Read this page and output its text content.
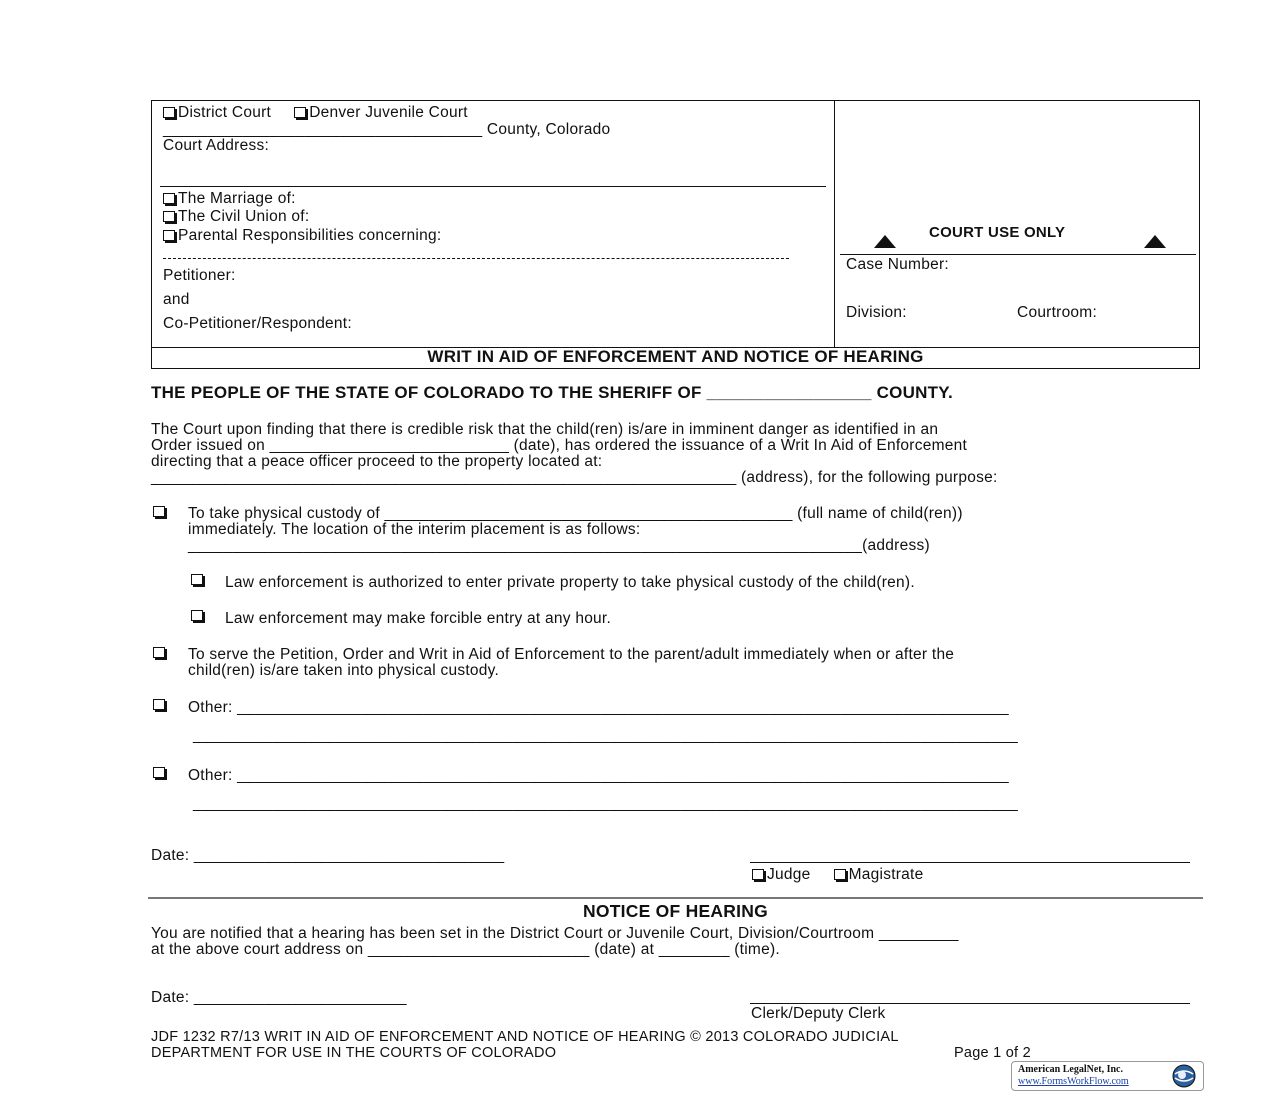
District Court Denver Juvenile Court
____________________________________ County, Colorado
Court Address:
The Marriage of:
The Civil Union of:
Parental Responsibilities concerning:
Petitioner:
and
Co-Petitioner/Respondent:
COURT USE ONLY
Case Number:
Division:	Courtroom:
WRIT IN AID OF ENFORCEMENT AND NOTICE OF HEARING
THE PEOPLE OF THE STATE OF COLORADO TO THE SHERIFF OF _________________ COUNTY.
The Court upon finding that there is credible risk that the child(ren) is/are in imminent danger as identified in an
Order issued on ___________________________ (date), has ordered the issuance of a Writ In Aid of Enforcement
directing that a peace officer proceed to the property located at:
__________________________________________________________________ (address), for the following purpose:
To take physical custody of ______________________________________________ (full name of child(ren))
immediately. The location of the interim placement is as follows:
____________________________________________________________________________(address)
Law enforcement is authorized to enter private property to take physical custody of the child(ren).
Law enforcement may make forcible entry at any hour.
To serve the Petition, Order and Writ in Aid of Enforcement to the parent/adult immediately when or after the
child(ren) is/are taken into physical custody.
Other: _______________________________________________________________________________________
_____________________________________________________________________________________________
Other: _______________________________________________________________________________________
_____________________________________________________________________________________________
Date: ___________________________________
Judge Magistrate
NOTICE OF HEARING
You are notified that a hearing has been set in the District Court or Juvenile Court, Division/Courtroom _________
at the above court address on _________________________ (date) at ________ (time).
Date: ________________________
Clerk/Deputy Clerk
JDF 1232 R7/13 WRIT IN AID OF ENFORCEMENT AND NOTICE OF HEARING © 2013 COLORADO JUDICIAL
DEPARTMENT FOR USE IN THE COURTS OF COLORADO	Page 1 of 2
American LegalNet, Inc.
www.FormsWorkFlow.com
